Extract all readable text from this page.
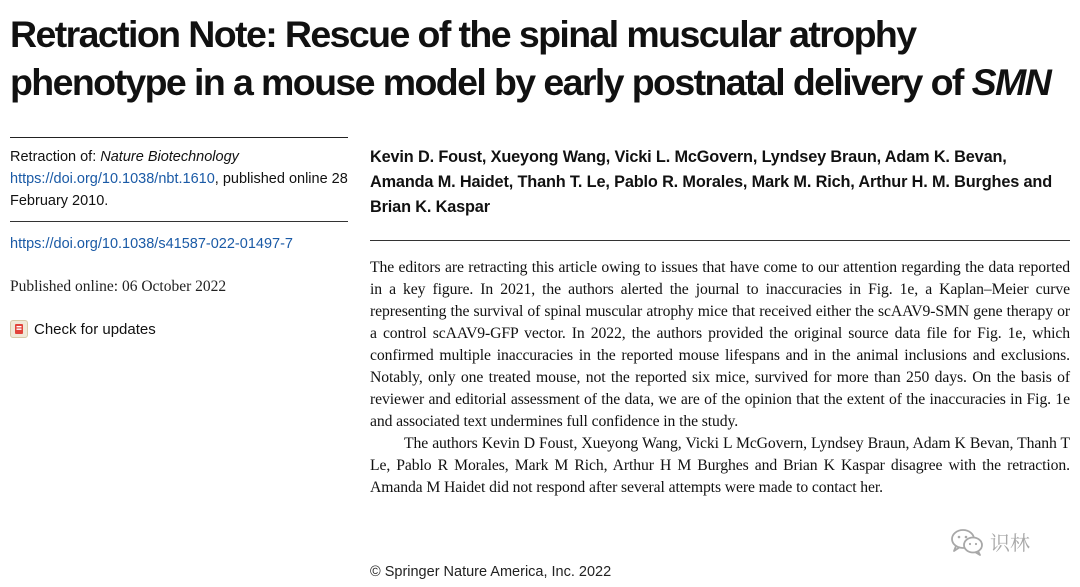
Retraction Note: Rescue of the spinal muscular atrophy phenotype in a mouse model by early postnatal delivery of SMN

Retraction of: Nature Biotechnology https://doi.org/10.1038/nbt.1610, published online 28 February 2010.

https://doi.org/10.1038/s41587-022-01497-7
Published online: 06 October 2022
Check for updates

Kevin D. Foust, Xueyong Wang, Vicki L. McGovern, Lyndsey Braun, Adam K. Bevan, Amanda M. Haidet, Thanh T. Le, Pablo R. Morales, Mark M. Rich, Arthur H. M. Burghes and Brian K. Kaspar

The editors are retracting this article owing to issues that have come to our attention regarding the data reported in a key figure. In 2021, the authors alerted the journal to inaccuracies in Fig. 1e, a Kaplan–Meier curve representing the survival of spinal muscular atrophy mice that received either the scAAV9-SMN gene therapy or a control scAAV9-GFP vector. In 2022, the authors provided the original source data file for Fig. 1e, which confirmed multiple inaccuracies in the reported mouse lifespans and in the animal inclusions and exclusions. Notably, only one treated mouse, not the reported six mice, survived for more than 250 days. On the basis of reviewer and editorial assessment of the data, we are of the opinion that the extent of the inaccuracies in Fig. 1e and associated text undermines full confidence in the study.

The authors Kevin D Foust, Xueyong Wang, Vicki L McGovern, Lyndsey Braun, Adam K Bevan, Thanh T Le, Pablo R Morales, Mark M Rich, Arthur H M Burghes and Brian K Kaspar disagree with the retraction. Amanda M Haidet did not respond after several attempts were made to contact her.

© Springer Nature America, Inc. 2022
识林
